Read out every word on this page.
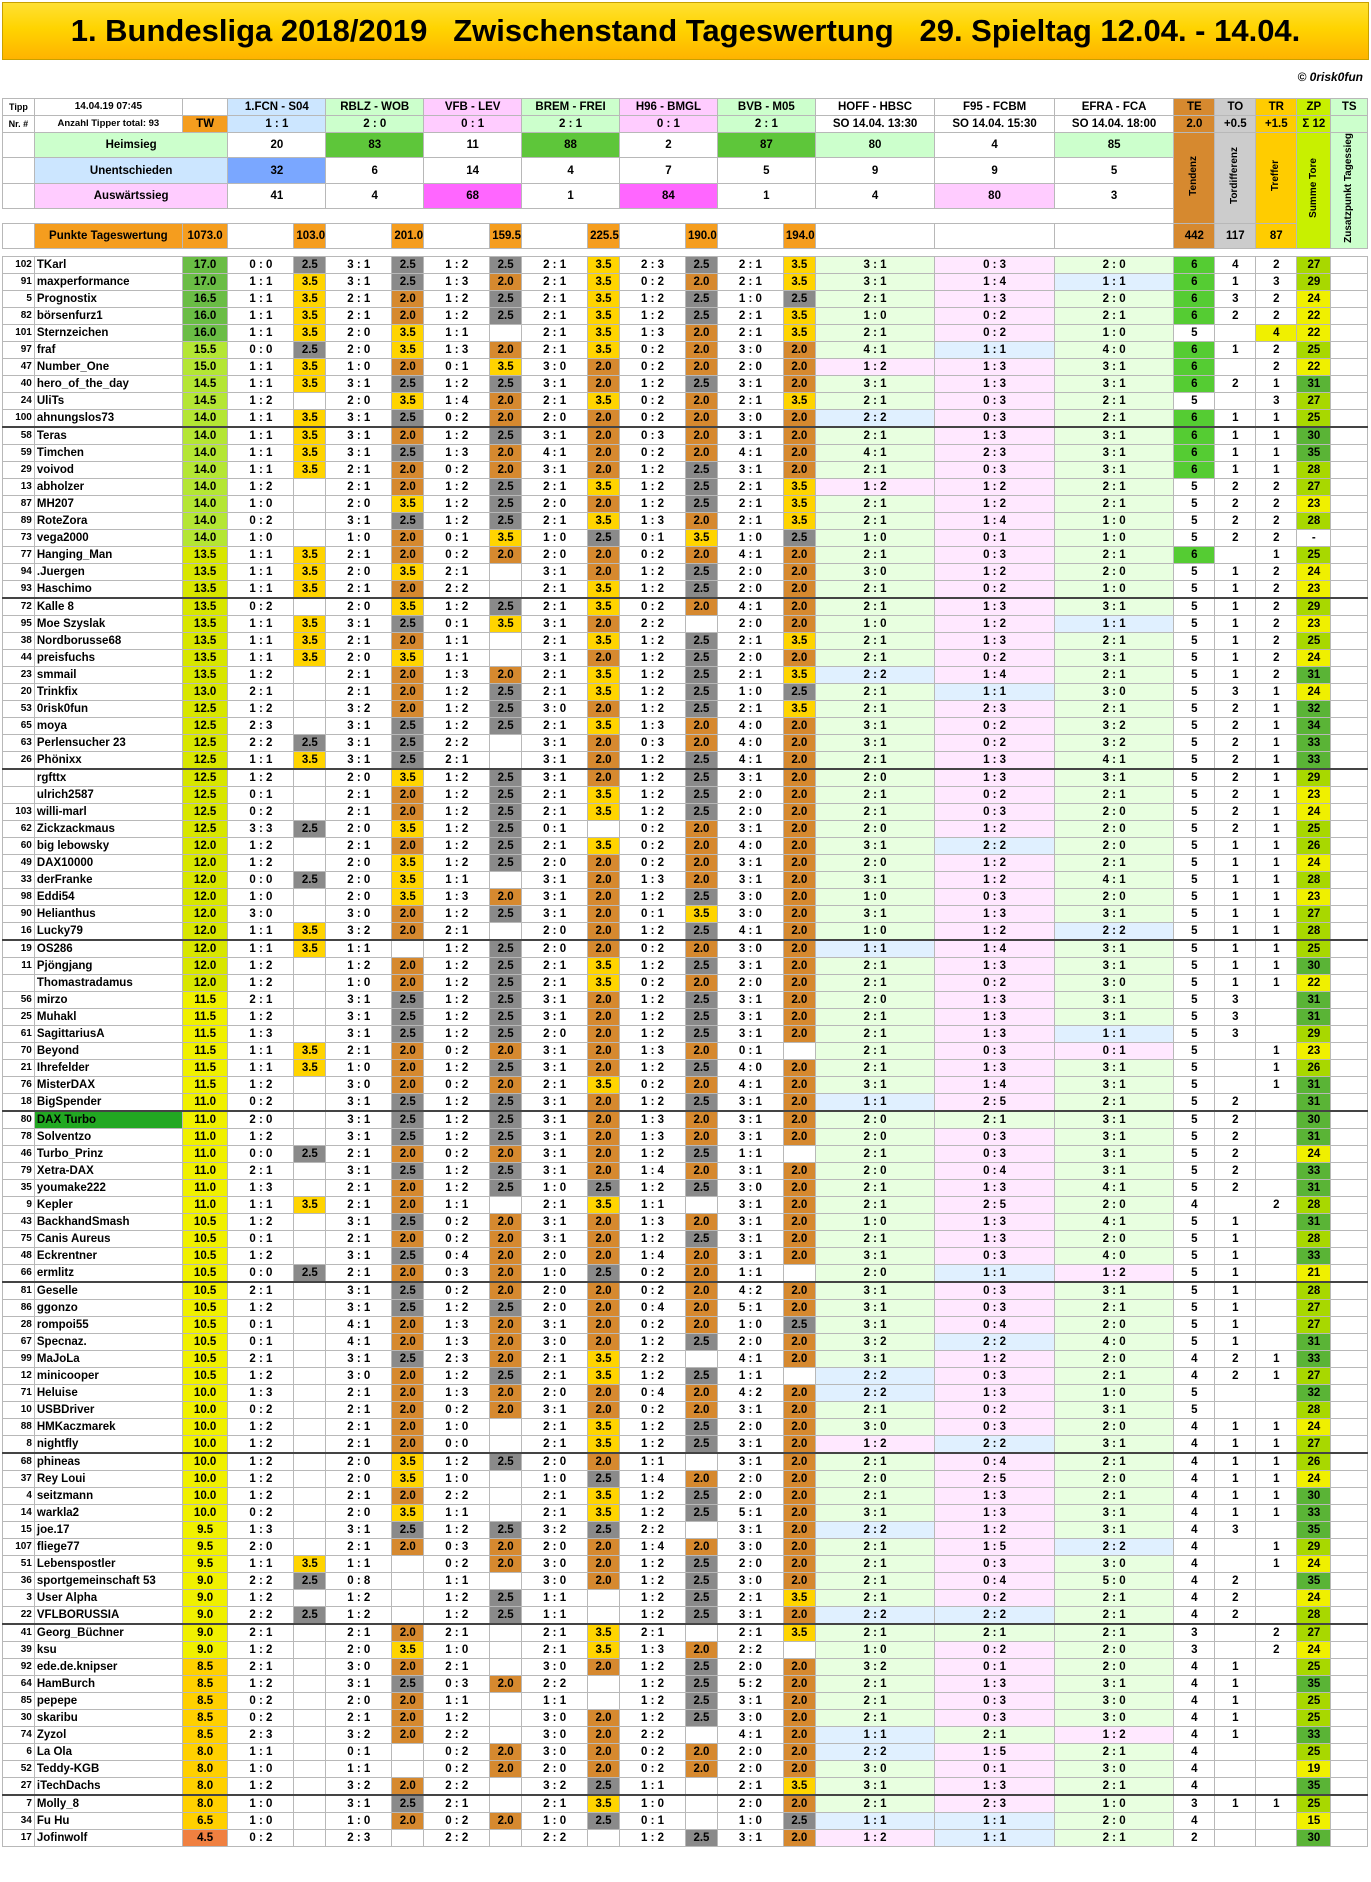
1. Bundesliga 2018/2019   Zwischenstand Tageswertung   29. Spieltag 12.04. - 14.04.
© 0risk0fun
Tipp	14.04.19 07:45		1.FCN - S04		RBLZ - WOB		VFB - LEV		BREM - FREI		H96 - BMGL		BVB - M05		HOFF - HBSC	F95 - FCBM	EFRA - FCA	TE	TO	TR	ZP	TS
Nr. #	Anzahl Tipper total: 93	TW	1 : 1		2 : 0		0 : 1		2 : 1		0 : 1		2 : 1		SO 14.04. 13:30	SO 14.04. 15:30	SO 14.04. 18:00	2.0	+0.5	+1.5	Σ 12	
	Heimsieg		20		83		11		88		2		87		80	4	85	Tendenz	Tordifferenz	Treffer	Summe Tore	Zusatzpunkt Tagessieg
	Unentschieden		32		6		14		4		7		5		9	9	5					
	Auswärtssieg		41		4		68		1		84		1		4	80	3					

	Punkte Tageswertung	1073.0		103.0		201.0		159.5		225.5		190.0		194.0				442	117	87		

102	TKarl	17.0	0 : 0	2.5	3 : 1	2.5	1 : 2	2.5	2 : 1	3.5	2 : 3	2.5	2 : 1	3.5	3 : 1	0 : 3	2 : 0	6	4	2	27	
91	maxperformance	17.0	1 : 1	3.5	3 : 1	2.5	1 : 3	2.0	2 : 1	3.5	0 : 2	2.0	2 : 1	3.5	3 : 1	1 : 4	1 : 1	6	1	3	29	
5	Prognostix	16.5	1 : 1	3.5	2 : 1	2.0	1 : 2	2.5	2 : 1	3.5	1 : 2	2.5	1 : 0	2.5	2 : 1	1 : 3	2 : 0	6	3	2	24	
82	börsenfurz1	16.0	1 : 1	3.5	2 : 1	2.0	1 : 2	2.5	2 : 1	3.5	1 : 2	2.5	2 : 1	3.5	1 : 0	0 : 2	2 : 1	6	2	2	22	
101	Sternzeichen	16.0	1 : 1	3.5	2 : 0	3.5	1 : 1		2 : 1	3.5	1 : 3	2.0	2 : 1	3.5	2 : 1	0 : 2	1 : 0	5		4	22	
97	fraf	15.5	0 : 0	2.5	2 : 0	3.5	1 : 3	2.0	2 : 1	3.5	0 : 2	2.0	3 : 0	2.0	4 : 1	1 : 1	4 : 0	6	1	2	25	
47	Number_One	15.0	1 : 1	3.5	1 : 0	2.0	0 : 1	3.5	3 : 0	2.0	0 : 2	2.0	2 : 0	2.0	1 : 2	1 : 3	3 : 1	6		2	22	
40	hero_of_the_day	14.5	1 : 1	3.5	3 : 1	2.5	1 : 2	2.5	3 : 1	2.0	1 : 2	2.5	3 : 1	2.0	3 : 1	1 : 3	3 : 1	6	2	1	31	
24	UliTs	14.5	1 : 2		2 : 0	3.5	1 : 4	2.0	2 : 1	3.5	0 : 2	2.0	2 : 1	3.5	2 : 1	0 : 3	2 : 1	5		3	27	
100	ahnungslos73	14.0	1 : 1	3.5	3 : 1	2.5	0 : 2	2.0	2 : 0	2.0	0 : 2	2.0	3 : 0	2.0	2 : 2	0 : 3	2 : 1	6	1	1	25	
58	Teras	14.0	1 : 1	3.5	3 : 1	2.0	1 : 2	2.5	3 : 1	2.0	0 : 3	2.0	3 : 1	2.0	2 : 1	1 : 3	3 : 1	6	1	1	30	
59	Timchen	14.0	1 : 1	3.5	3 : 1	2.5	1 : 3	2.0	4 : 1	2.0	0 : 2	2.0	4 : 1	2.0	4 : 1	2 : 3	3 : 1	6	1	1	35	
29	voivod	14.0	1 : 1	3.5	2 : 1	2.0	0 : 2	2.0	3 : 1	2.0	1 : 2	2.5	3 : 1	2.0	2 : 1	0 : 3	3 : 1	6	1	1	28	
13	abholzer	14.0	1 : 2		2 : 1	2.0	1 : 2	2.5	2 : 1	3.5	1 : 2	2.5	2 : 1	3.5	1 : 2	1 : 2	2 : 1	5	2	2	27	
87	MH207	14.0	1 : 0		2 : 0	3.5	1 : 2	2.5	2 : 0	2.0	1 : 2	2.5	2 : 1	3.5	2 : 1	1 : 2	2 : 1	5	2	2	23	
89	RoteZora	14.0	0 : 2		3 : 1	2.5	1 : 2	2.5	2 : 1	3.5	1 : 3	2.0	2 : 1	3.5	2 : 1	1 : 4	1 : 0	5	2	2	28	
73	vega2000	14.0	1 : 0		1 : 0	2.0	0 : 1	3.5	1 : 0	2.5	0 : 1	3.5	1 : 0	2.5	1 : 0	0 : 1	1 : 0	5	2	2	-	
77	Hanging_Man	13.5	1 : 1	3.5	2 : 1	2.0	0 : 2	2.0	2 : 0	2.0	0 : 2	2.0	4 : 1	2.0	2 : 1	0 : 3	2 : 1	6		1	25	
94	.Juergen	13.5	1 : 1	3.5	2 : 0	3.5	2 : 1		3 : 1	2.0	1 : 2	2.5	2 : 0	2.0	3 : 0	1 : 2	2 : 0	5	1	2	24	
93	Haschimo	13.5	1 : 1	3.5	2 : 1	2.0	2 : 2		2 : 1	3.5	1 : 2	2.5	2 : 0	2.0	2 : 1	0 : 2	1 : 0	5	1	2	23	
72	Kalle 8	13.5	0 : 2		2 : 0	3.5	1 : 2	2.5	2 : 1	3.5	0 : 2	2.0	4 : 1	2.0	2 : 1	1 : 3	3 : 1	5	1	2	29	
95	Moe Szyslak	13.5	1 : 1	3.5	3 : 1	2.5	0 : 1	3.5	3 : 1	2.0	2 : 2		2 : 0	2.0	1 : 0	1 : 2	1 : 1	5	1	2	23	
38	Nordborusse68	13.5	1 : 1	3.5	2 : 1	2.0	1 : 1		2 : 1	3.5	1 : 2	2.5	2 : 1	3.5	2 : 1	1 : 3	2 : 1	5	1	2	25	
44	preisfuchs	13.5	1 : 1	3.5	2 : 0	3.5	1 : 1		3 : 1	2.0	1 : 2	2.5	2 : 0	2.0	2 : 1	0 : 2	3 : 1	5	1	2	24	
23	smmail	13.5	1 : 2		2 : 1	2.0	1 : 3	2.0	2 : 1	3.5	1 : 2	2.5	2 : 1	3.5	2 : 2	1 : 4	2 : 1	5	1	2	31	
20	Trinkfix	13.0	2 : 1		2 : 1	2.0	1 : 2	2.5	2 : 1	3.5	1 : 2	2.5	1 : 0	2.5	2 : 1	1 : 1	3 : 0	5	3	1	24	
53	0risk0fun	12.5	1 : 2		3 : 2	2.0	1 : 2	2.5	3 : 0	2.0	1 : 2	2.5	2 : 1	3.5	2 : 1	2 : 3	2 : 1	5	2	1	32	
65	moya	12.5	2 : 3		3 : 1	2.5	1 : 2	2.5	2 : 1	3.5	1 : 3	2.0	4 : 0	2.0	3 : 1	0 : 2	3 : 2	5	2	1	34	
63	Perlensucher 23	12.5	2 : 2	2.5	3 : 1	2.5	2 : 2		3 : 1	2.0	0 : 3	2.0	4 : 0	2.0	3 : 1	0 : 2	3 : 2	5	2	1	33	
26	Phönixx	12.5	1 : 1	3.5	3 : 1	2.5	2 : 1		3 : 1	2.0	1 : 2	2.5	4 : 1	2.0	2 : 1	1 : 3	4 : 1	5	2	1	33	
	rgfttx	12.5	1 : 2		2 : 0	3.5	1 : 2	2.5	3 : 1	2.0	1 : 2	2.5	3 : 1	2.0	2 : 0	1 : 3	3 : 1	5	2	1	29	
	ulrich2587	12.5	0 : 1		2 : 1	2.0	1 : 2	2.5	2 : 1	3.5	1 : 2	2.5	2 : 0	2.0	2 : 1	0 : 2	2 : 1	5	2	1	23	
103	willi-marl	12.5	0 : 2		2 : 1	2.0	1 : 2	2.5	2 : 1	3.5	1 : 2	2.5	2 : 0	2.0	2 : 1	0 : 3	2 : 0	5	2	1	24	
62	Zickzackmaus	12.5	3 : 3	2.5	2 : 0	3.5	1 : 2	2.5	0 : 1		0 : 2	2.0	3 : 1	2.0	2 : 0	1 : 2	2 : 0	5	2	1	25	
60	big lebowsky	12.0	1 : 2		2 : 1	2.0	1 : 2	2.5	2 : 1	3.5	0 : 2	2.0	4 : 0	2.0	3 : 1	2 : 2	2 : 0	5	1	1	26	
49	DAX10000	12.0	1 : 2		2 : 0	3.5	1 : 2	2.5	2 : 0	2.0	0 : 2	2.0	3 : 1	2.0	2 : 0	1 : 2	2 : 1	5	1	1	24	
33	derFranke	12.0	0 : 0	2.5	2 : 0	3.5	1 : 1		3 : 1	2.0	1 : 3	2.0	3 : 1	2.0	3 : 1	1 : 2	4 : 1	5	1	1	28	
98	Eddi54	12.0	1 : 0		2 : 0	3.5	1 : 3	2.0	3 : 1	2.0	1 : 2	2.5	3 : 0	2.0	1 : 0	0 : 3	2 : 0	5	1	1	23	
90	Helianthus	12.0	3 : 0		3 : 0	2.0	1 : 2	2.5	3 : 1	2.0	0 : 1	3.5	3 : 0	2.0	3 : 1	1 : 3	3 : 1	5	1	1	27	
16	Lucky79	12.0	1 : 1	3.5	3 : 2	2.0	2 : 1		2 : 0	2.0	1 : 2	2.5	4 : 1	2.0	1 : 0	1 : 2	2 : 2	5	1	1	28	
19	OS286	12.0	1 : 1	3.5	1 : 1		1 : 2	2.5	2 : 0	2.0	0 : 2	2.0	3 : 0	2.0	1 : 1	1 : 4	3 : 1	5	1	1	25	
11	Pjöngjang	12.0	1 : 2		1 : 2	2.0	1 : 2	2.5	2 : 1	3.5	1 : 2	2.5	3 : 1	2.0	2 : 1	1 : 3	3 : 1	5	1	1	30	
	Thomastradamus	12.0	1 : 2		1 : 0	2.0	1 : 2	2.5	2 : 1	3.5	0 : 2	2.0	2 : 0	2.0	2 : 1	0 : 2	3 : 0	5	1	1	22	
56	mirzo	11.5	2 : 1		3 : 1	2.5	1 : 2	2.5	3 : 1	2.0	1 : 2	2.5	3 : 1	2.0	2 : 0	1 : 3	3 : 1	5	3		31	
25	Muhakl	11.5	1 : 2		3 : 1	2.5	1 : 2	2.5	3 : 1	2.0	1 : 2	2.5	3 : 1	2.0	2 : 1	1 : 3	3 : 1	5	3		31	
61	SagittariusA	11.5	1 : 3		3 : 1	2.5	1 : 2	2.5	2 : 0	2.0	1 : 2	2.5	3 : 1	2.0	2 : 1	1 : 3	1 : 1	5	3		29	
70	Beyond	11.5	1 : 1	3.5	2 : 1	2.0	0 : 2	2.0	3 : 1	2.0	1 : 3	2.0	0 : 1		2 : 1	0 : 3	0 : 1	5		1	23	
21	Ihrefelder	11.5	1 : 1	3.5	1 : 0	2.0	1 : 2	2.5	3 : 1	2.0	1 : 2	2.5	4 : 0	2.0	2 : 1	1 : 3	3 : 1	5		1	26	
76	MisterDAX	11.5	1 : 2		3 : 0	2.0	0 : 2	2.0	2 : 1	3.5	0 : 2	2.0	4 : 1	2.0	3 : 1	1 : 4	3 : 1	5		1	31	
18	BigSpender	11.0	0 : 2		3 : 1	2.5	1 : 2	2.5	3 : 1	2.0	1 : 2	2.5	3 : 1	2.0	1 : 1	2 : 5	2 : 1	5	2		31	
80	DAX Turbo	11.0	2 : 0		3 : 1	2.5	1 : 2	2.5	3 : 1	2.0	1 : 3	2.0	3 : 1	2.0	2 : 0	2 : 1	3 : 1	5	2		30	
78	Solventzo	11.0	1 : 2		3 : 1	2.5	1 : 2	2.5	3 : 1	2.0	1 : 3	2.0	3 : 1	2.0	2 : 0	0 : 3	3 : 1	5	2		31	
46	Turbo_Prinz	11.0	0 : 0	2.5	2 : 1	2.0	0 : 2	2.0	3 : 1	2.0	1 : 2	2.5	1 : 1		2 : 1	0 : 3	3 : 1	5	2		24	
79	Xetra-DAX	11.0	2 : 1		3 : 1	2.5	1 : 2	2.5	3 : 1	2.0	1 : 4	2.0	3 : 1	2.0	2 : 0	0 : 4	3 : 1	5	2		33	
35	youmake222	11.0	1 : 3		2 : 1	2.0	1 : 2	2.5	1 : 0	2.5	1 : 2	2.5	3 : 0	2.0	2 : 1	1 : 3	4 : 1	5	2		31	
9	Kepler	11.0	1 : 1	3.5	2 : 1	2.0	1 : 1		2 : 1	3.5	1 : 1		3 : 1	2.0	2 : 1	2 : 5	2 : 0	4		2	28	
43	BackhandSmash	10.5	1 : 2		3 : 1	2.5	0 : 2	2.0	3 : 1	2.0	1 : 3	2.0	3 : 1	2.0	1 : 0	1 : 3	4 : 1	5	1		31	
75	Canis Aureus	10.5	0 : 1		2 : 1	2.0	0 : 2	2.0	3 : 1	2.0	1 : 2	2.5	3 : 1	2.0	2 : 1	1 : 3	2 : 0	5	1		28	
48	Eckrentner	10.5	1 : 2		3 : 1	2.5	0 : 4	2.0	2 : 0	2.0	1 : 4	2.0	3 : 1	2.0	3 : 1	0 : 3	4 : 0	5	1		33	
66	ermlitz	10.5	0 : 0	2.5	2 : 1	2.0	0 : 3	2.0	1 : 0	2.5	0 : 2	2.0	1 : 1		2 : 0	1 : 1	1 : 2	5	1		21	
81	Geselle	10.5	2 : 1		3 : 1	2.5	0 : 2	2.0	2 : 0	2.0	0 : 2	2.0	4 : 2	2.0	3 : 1	0 : 3	3 : 1	5	1		28	
86	ggonzo	10.5	1 : 2		3 : 1	2.5	1 : 2	2.5	2 : 0	2.0	0 : 4	2.0	5 : 1	2.0	3 : 1	0 : 3	2 : 1	5	1		27	
28	rompoi55	10.5	0 : 1		4 : 1	2.0	1 : 3	2.0	3 : 1	2.0	0 : 2	2.0	1 : 0	2.5	3 : 1	0 : 4	2 : 0	5	1		27	
67	Specnaz.	10.5	0 : 1		4 : 1	2.0	1 : 3	2.0	3 : 0	2.0	1 : 2	2.5	2 : 0	2.0	3 : 2	2 : 2	4 : 0	5	1		31	
99	MaJoLa	10.5	2 : 1		3 : 1	2.5	2 : 3	2.0	2 : 1	3.5	2 : 2		4 : 1	2.0	3 : 1	1 : 2	2 : 0	4	2	1	33	
12	minicooper	10.5	1 : 2		3 : 0	2.0	1 : 2	2.5	2 : 1	3.5	1 : 2	2.5	1 : 1		2 : 2	0 : 3	2 : 1	4	2	1	27	
71	Heluise	10.0	1 : 3		2 : 1	2.0	1 : 3	2.0	2 : 0	2.0	0 : 4	2.0	4 : 2	2.0	2 : 2	1 : 3	1 : 0	5			32	
10	USBDriver	10.0	0 : 2		2 : 1	2.0	0 : 2	2.0	3 : 1	2.0	0 : 2	2.0	3 : 1	2.0	2 : 1	0 : 2	3 : 1	5			28	
88	HMKaczmarek	10.0	1 : 2		2 : 1	2.0	1 : 0		2 : 1	3.5	1 : 2	2.5	2 : 0	2.0	3 : 0	0 : 3	2 : 0	4	1	1	24	
8	nightfly	10.0	1 : 2		2 : 1	2.0	0 : 0		2 : 1	3.5	1 : 2	2.5	3 : 1	2.0	1 : 2	2 : 2	3 : 1	4	1	1	27	
68	phineas	10.0	1 : 2		2 : 0	3.5	1 : 2	2.5	2 : 0	2.0	1 : 1		3 : 1	2.0	2 : 1	0 : 4	2 : 1	4	1	1	26	
37	Rey Loui	10.0	1 : 2		2 : 0	3.5	1 : 0		1 : 0	2.5	1 : 4	2.0	2 : 0	2.0	2 : 0	2 : 5	2 : 0	4	1	1	24	
4	seitzmann	10.0	1 : 2		2 : 1	2.0	2 : 2		2 : 1	3.5	1 : 2	2.5	2 : 0	2.0	2 : 1	1 : 3	2 : 1	4	1	1	30	
14	warkla2	10.0	0 : 2		2 : 0	3.5	1 : 1		2 : 1	3.5	1 : 2	2.5	5 : 1	2.0	3 : 1	1 : 3	3 : 1	4	1	1	33	
15	joe.17	9.5	1 : 3		3 : 1	2.5	1 : 2	2.5	3 : 2	2.5	2 : 2		3 : 1	2.0	2 : 2	1 : 2	3 : 1	4	3		35	
107	fliege77	9.5	2 : 0		2 : 1	2.0	0 : 3	2.0	2 : 0	2.0	1 : 4	2.0	3 : 0	2.0	2 : 1	1 : 5	2 : 2	4		1	29	
51	Lebenspostler	9.5	1 : 1	3.5	1 : 1		0 : 2	2.0	3 : 0	2.0	1 : 2	2.5	2 : 0	2.0	2 : 1	0 : 3	3 : 0	4		1	24	
36	sportgemeinschaft 53	9.0	2 : 2	2.5	0 : 8		1 : 1		3 : 0	2.0	1 : 2	2.5	3 : 0	2.0	2 : 1	0 : 4	5 : 0	4	2		35	
3	User Alpha	9.0	1 : 2		1 : 2		1 : 2	2.5	1 : 1		1 : 2	2.5	2 : 1	3.5	2 : 1	0 : 2	2 : 1	4	2		24	
22	VFLBORUSSIA	9.0	2 : 2	2.5	1 : 2		1 : 2	2.5	1 : 1		1 : 2	2.5	3 : 1	2.0	2 : 2	2 : 2	2 : 1	4	2		28	
41	Georg_Büchner	9.0	2 : 1		2 : 1	2.0	2 : 1		2 : 1	3.5	2 : 1		2 : 1	3.5	2 : 1	2 : 1	2 : 1	3		2	27	
39	ksu	9.0	1 : 2		2 : 0	3.5	1 : 0		2 : 1	3.5	1 : 3	2.0	2 : 2		1 : 0	0 : 2	2 : 0	3		2	24	
92	ede.de.knipser	8.5	2 : 1		3 : 0	2.0	2 : 1		3 : 0	2.0	1 : 2	2.5	2 : 0	2.0	3 : 2	0 : 1	2 : 0	4	1		25	
64	HamBurch	8.5	1 : 2		3 : 1	2.5	0 : 3	2.0	2 : 2		1 : 2	2.5	5 : 2	2.0	2 : 1	1 : 3	3 : 1	4	1		35	
85	pepepe	8.5	0 : 2		2 : 0	2.0	1 : 1		1 : 1		1 : 2	2.5	3 : 1	2.0	2 : 1	0 : 3	3 : 0	4	1		25	
30	skaribu	8.5	0 : 2		2 : 1	2.0	1 : 2		3 : 0	2.0	1 : 2	2.5	3 : 0	2.0	2 : 1	0 : 3	3 : 0	4	1		25	
74	Zyzol	8.5	2 : 3		3 : 2	2.0	2 : 2		3 : 0	2.0	2 : 2		4 : 1	2.0	1 : 1	2 : 1	1 : 2	4	1		33	
6	La Ola	8.0	1 : 1		0 : 1		0 : 2	2.0	3 : 0	2.0	0 : 2	2.0	2 : 0	2.0	2 : 2	1 : 5	2 : 1	4			25	
52	Teddy-KGB	8.0	1 : 0		1 : 1		0 : 2	2.0	2 : 0	2.0	0 : 2	2.0	2 : 0	2.0	3 : 0	0 : 1	3 : 0	4			19	
27	iTechDachs	8.0	1 : 2		3 : 2	2.0	2 : 2		3 : 2	2.5	1 : 1		2 : 1	3.5	3 : 1	1 : 3	2 : 1	4			35	
7	Molly_8	8.0	1 : 0		3 : 1	2.5	2 : 1		2 : 1	3.5	1 : 0		2 : 0	2.0	2 : 1	2 : 3	1 : 0	3	1	1	25	
34	Fu Hu	6.5	1 : 0		1 : 0	2.0	0 : 2	2.0	1 : 0	2.5	0 : 1		1 : 0	2.5	1 : 1	1 : 1	2 : 0	4			15	
17	Jofinwolf	4.5	0 : 2		2 : 3		2 : 2		2 : 2		1 : 2	2.5	3 : 1	2.0	1 : 2	1 : 1	2 : 1	2			30	
